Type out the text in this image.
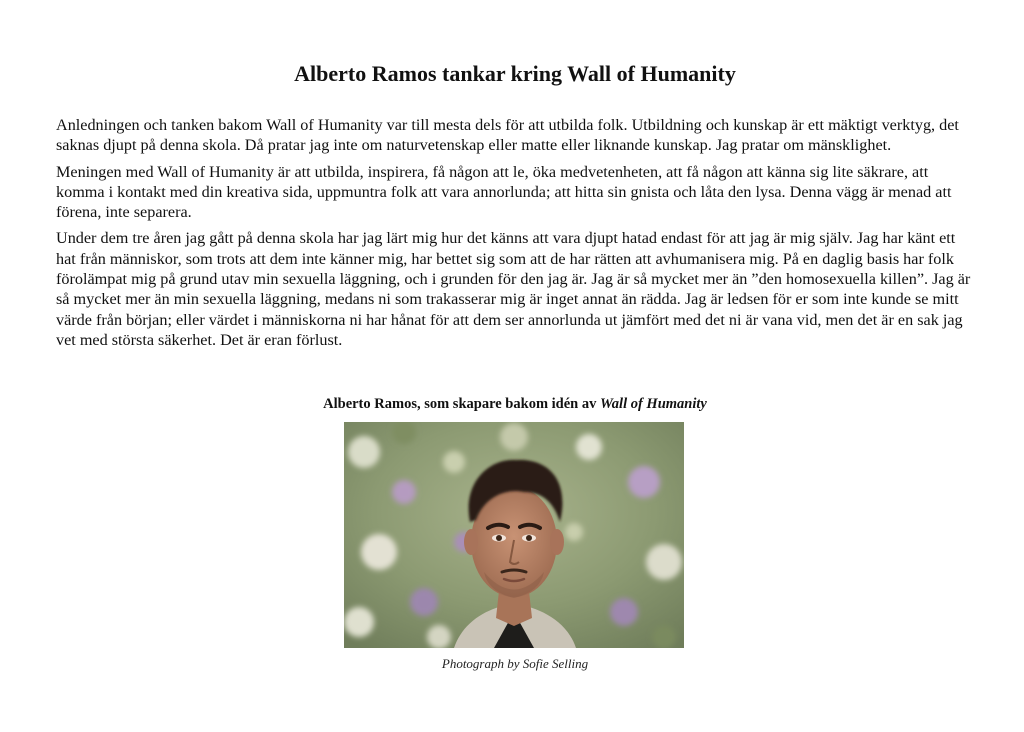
Alberto Ramos tankar kring Wall of Humanity

Anledningen och tanken bakom Wall of Humanity var till mesta dels för att utbilda folk. Utbildning och kunskap är ett mäktigt verktyg, det saknas djupt på denna skola. Då pratar jag inte om naturvetenskap eller matte eller liknande kunskap. Jag pratar om mänsklighet.

Meningen med Wall of Humanity är att utbilda, inspirera, få någon att le, öka medvetenheten, att få någon att känna sig lite säkrare, att komma i kontakt med din kreativa sida, uppmuntra folk att vara annorlunda; att hitta sin gnista och låta den lysa. Denna vägg är menad att förena, inte separera.

Under dem tre åren jag gått på denna skola har jag lärt mig hur det känns att vara djupt hatad endast för att jag är mig själv. Jag har känt ett hat från människor, som trots att dem inte känner mig, har bettet sig som att de har rätten att avhumanisera mig. På en daglig basis har folk förolämpat mig på grund utav min sexuella läggning, och i grunden för den jag är. Jag är så mycket mer än ”den homosexuella killen”. Jag är så mycket mer än min sexuella läggning, medans ni som trakasserar mig är inget annat än rädda. Jag är ledsen för er som inte kunde se mitt värde från början; eller värdet i människorna ni har hånat för att dem ser annorlunda ut jämfört med det ni är vana vid, men det är en sak jag vet med största säkerhet. Det är eran förlust.

Alberto Ramos, som skapare bakom idén av Wall of Humanity
Photograph by Sofie Selling
